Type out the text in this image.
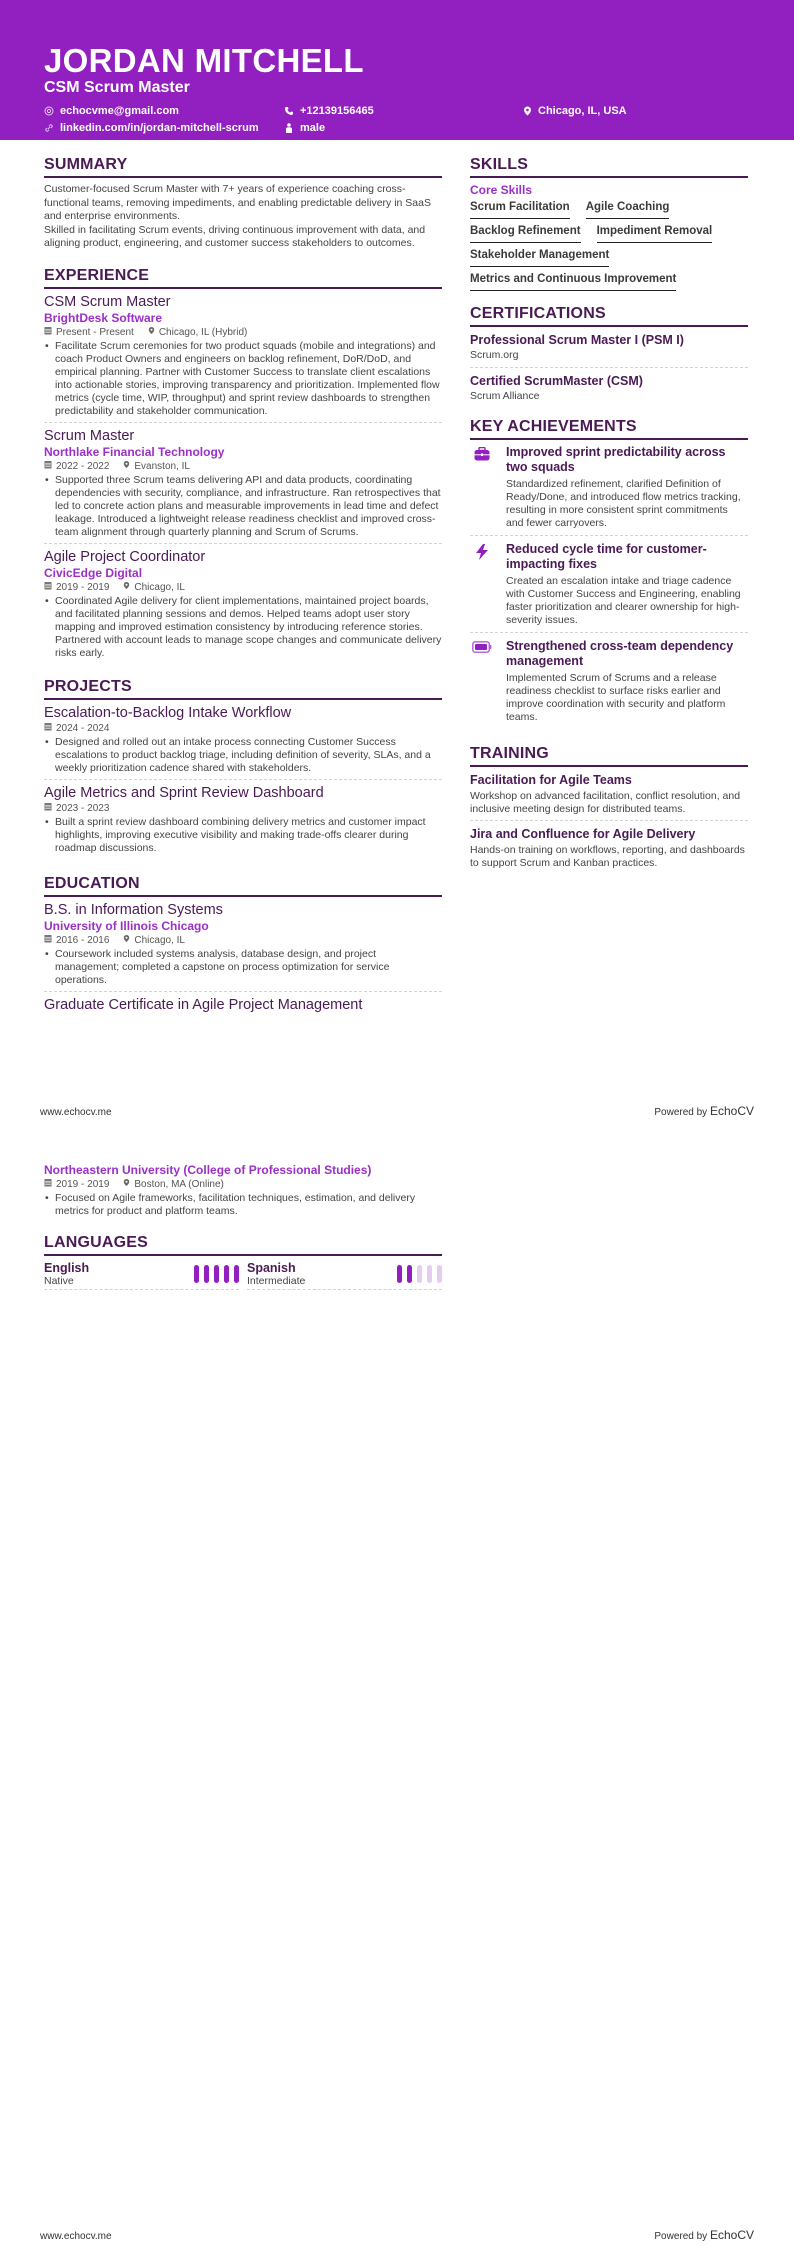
JORDAN MITCHELL
CSM Scrum Master
echocvme@gmail.com	+12139156465	Chicago, IL, USA
linkedin.com/in/jordan-mitchell-scrum	male
SUMMARY

Customer-focused Scrum Master with 7+ years of experience coaching cross-functional teams, removing impediments, and enabling predictable delivery in SaaS and enterprise environments.

Skilled in facilitating Scrum events, driving continuous improvement with data, and aligning product, engineering, and customer success stakeholders to outcomes.

EXPERIENCE
CSM Scrum Master
BrightDesk Software
Present - Present	Chicago, IL (Hybrid)
• Facilitate Scrum ceremonies for two product squads (mobile and integrations) and coach Product Owners and engineers on backlog refinement, DoR/DoD, and empirical planning. Partner with Customer Success to translate client escalations into actionable stories, improving transparency and prioritization. Implemented flow metrics (cycle time, WIP, throughput) and sprint review dashboards to strengthen predictability and stakeholder communication.
Scrum Master
Northlake Financial Technology
2022 - 2022	Evanston, IL
• Supported three Scrum teams delivering API and data products, coordinating dependencies with security, compliance, and infrastructure. Ran retrospectives that led to concrete action plans and measurable improvements in lead time and defect leakage. Introduced a lightweight release readiness checklist and improved cross-team alignment through quarterly planning and Scrum of Scrums.
Agile Project Coordinator
CivicEdge Digital
2019 - 2019	Chicago, IL
• Coordinated Agile delivery for client implementations, maintained project boards, and facilitated planning sessions and demos. Helped teams adopt user story mapping and improved estimation consistency by introducing reference stories. Partnered with account leads to manage scope changes and communicate delivery risks early.
PROJECTS
Escalation-to-Backlog Intake Workflow
2024 - 2024
• Designed and rolled out an intake process connecting Customer Success escalations to product backlog triage, including definition of severity, SLAs, and a weekly prioritization cadence shared with stakeholders.
Agile Metrics and Sprint Review Dashboard
2023 - 2023
• Built a sprint review dashboard combining delivery metrics and customer impact highlights, improving executive visibility and making trade-offs clearer during roadmap discussions.
EDUCATION
B.S. in Information Systems
University of Illinois Chicago
2016 - 2016	Chicago, IL
• Coursework included systems analysis, database design, and project management; completed a capstone on process optimization for service operations.
Graduate Certificate in Agile Project Management
SKILLS
Core Skills
Scrum Facilitation Agile Coaching
Backlog Refinement Impediment Removal
Stakeholder Management
Metrics and Continuous Improvement
CERTIFICATIONS
Professional Scrum Master I (PSM I)
Scrum.org
Certified ScrumMaster (CSM)
Scrum Alliance
KEY ACHIEVEMENTS
Improved sprint predictability across two squads
Standardized refinement, clarified Definition of Ready/Done, and introduced flow metrics tracking, resulting in more consistent sprint commitments and fewer carryovers.
Reduced cycle time for customer-impacting fixes
Created an escalation intake and triage cadence with Customer Success and Engineering, enabling faster prioritization and clearer ownership for high-severity issues.
Strengthened cross-team dependency management
Implemented Scrum of Scrums and a release readiness checklist to surface risks earlier and improve coordination with security and platform teams.
TRAINING
Facilitation for Agile Teams
Workshop on advanced facilitation, conflict resolution, and inclusive meeting design for distributed teams.
Jira and Confluence for Agile Delivery
Hands-on training on workflows, reporting, and dashboards to support Scrum and Kanban practices.
www.echocv.me	Powered by EchoCV
Northeastern University (College of Professional Studies)
2019 - 2019	Boston, MA (Online)
• Focused on Agile frameworks, facilitation techniques, estimation, and delivery metrics for product and platform teams.
LANGUAGES
English
Native
Spanish
Intermediate
www.echocv.me	Powered by EchoCV
